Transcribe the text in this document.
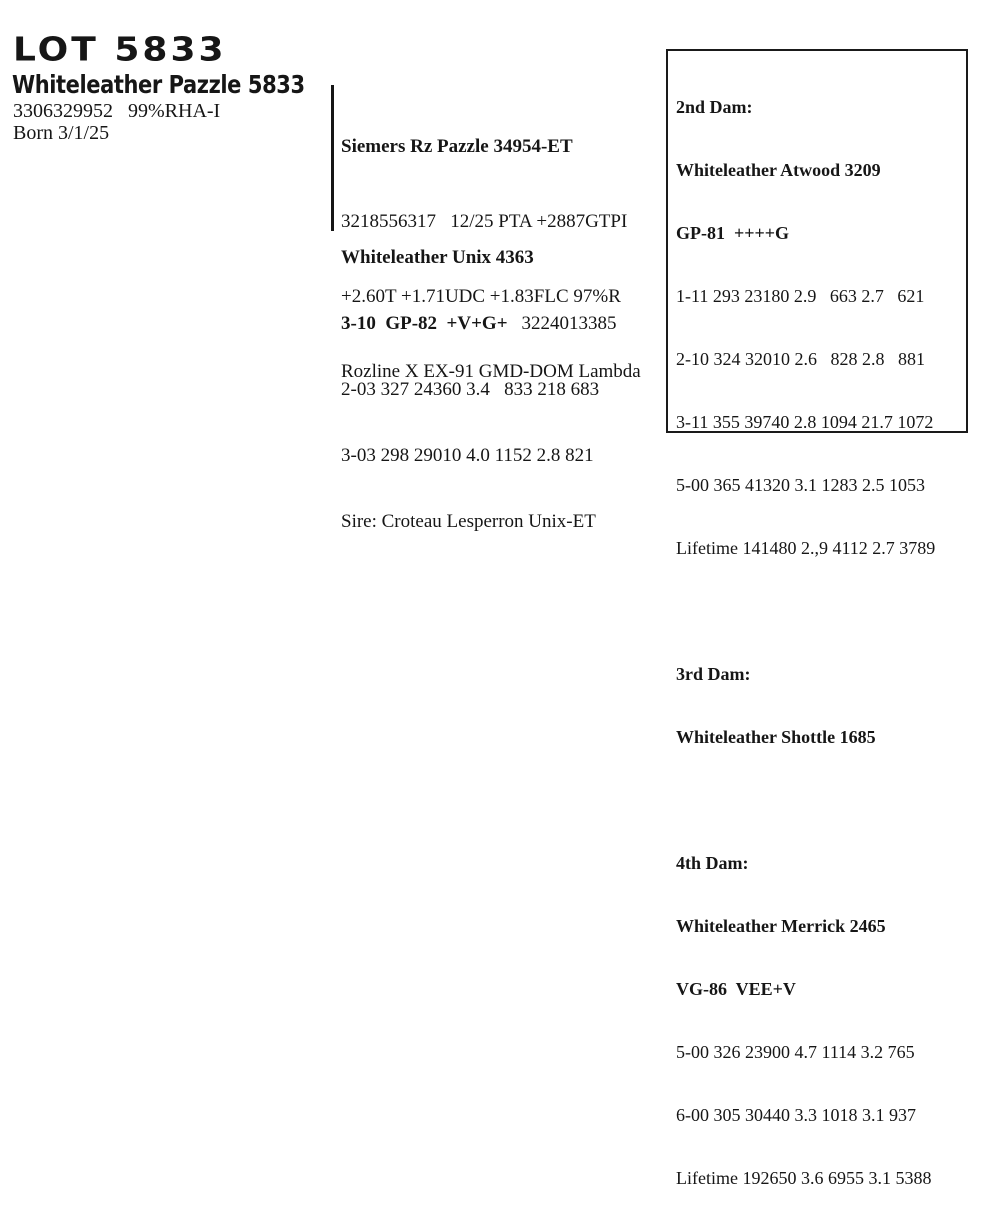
LOT 5833
Whiteleather Pazzle 5833
3306329952   99%RHA-I
Born 3/1/25

Siemers Rz Pazzle 34954-ET

3218556317   12/25 PTA +2887GTPI

+2.60T +1.71UDC +1.83FLC 97%R

Rozline X EX-91 GMD-DOM Lambda

Whiteleather Unix 4363

3-10  GP-82  +V+G+ 3224013385

2-03 327 24360 3.4   833 218 683

3-03 298 29010 4.0 1152 2.8 821

Sire: Croteau Lesperron Unix-ET

2nd Dam:

Whiteleather Atwood 3209

GP-81  ++++G

1-11 293 23180 2.9   663 2.7   621

2-10 324 32010 2.6   828 2.8   881

3-11 355 39740 2.8 1094 21.7 1072

5-00 365 41320 3.1 1283 2.5 1053

Lifetime 141480 2.,9 4112 2.7 3789

3rd Dam:

Whiteleather Shottle 1685

4th Dam:

Whiteleather Merrick 2465

VG-86  VEE+V

5-00 326 23900 4.7 1114 3.2 765

6-00 305 30440 3.3 1018 3.1 937

Lifetime 192650 3.6 6955 3.1 5388
